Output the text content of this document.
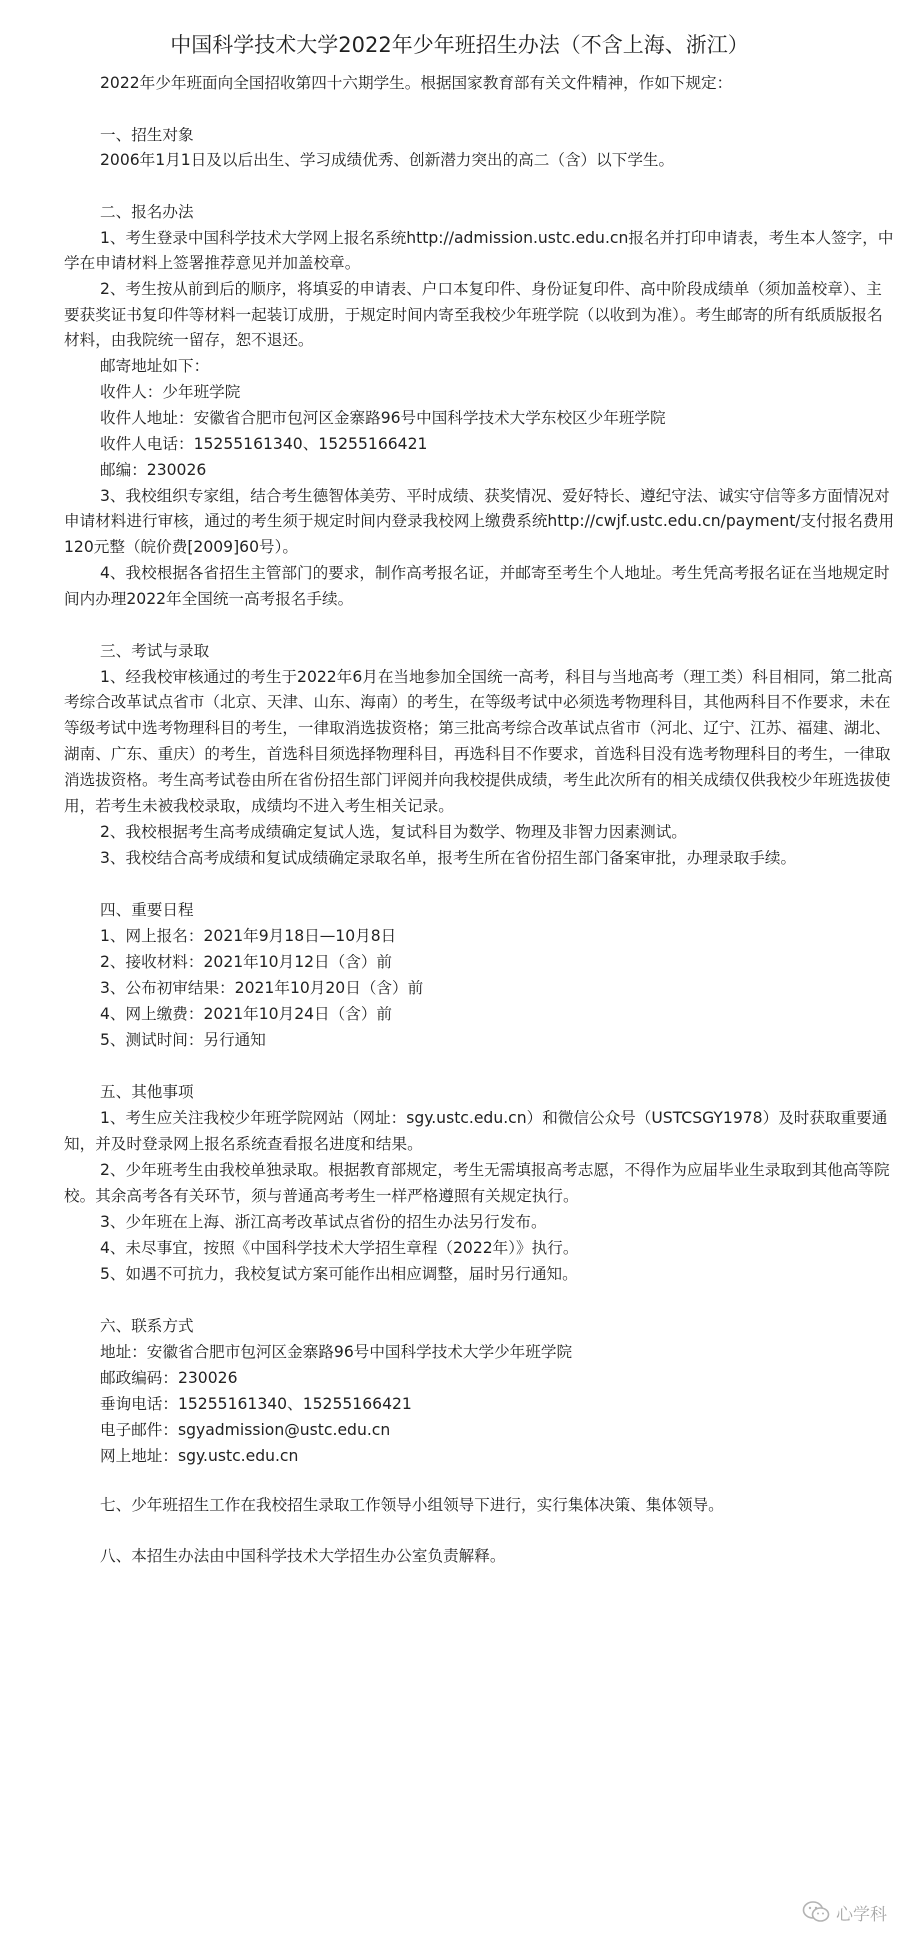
中国科学技术大学2022年少年班招生办法（不含上海、浙江）
2022年少年班面向全国招收第四十六期学生。根据国家教育部有关文件精神，作如下规定：
一、招生对象
2006年1月1日及以后出生、学习成绩优秀、创新潜力突出的高二（含）以下学生。
二、报名办法
1、考生登录中国科学技术大学网上报名系统http://admission.ustc.edu.cn报名并打印申请表，考生本人签字，中
学在申请材料上签署推荐意见并加盖校章。
2、考生按从前到后的顺序，将填妥的申请表、户口本复印件、身份证复印件、高中阶段成绩单（须加盖校章）、主
要获奖证书复印件等材料一起装订成册，于规定时间内寄至我校少年班学院（以收到为准）。考生邮寄的所有纸质版报名
材料，由我院统一留存，恕不退还。
邮寄地址如下：
收件人：少年班学院
收件人地址：安徽省合肥市包河区金寨路96号中国科学技术大学东校区少年班学院
收件人电话：15255161340、15255166421
邮编：230026
3、我校组织专家组，结合考生德智体美劳、平时成绩、获奖情况、爱好特长、遵纪守法、诚实守信等多方面情况对
申请材料进行审核，通过的考生须于规定时间内登录我校网上缴费系统http://cwjf.ustc.edu.cn/payment/支付报名费用
120元整（皖价费[2009]60号）。
4、我校根据各省招生主管部门的要求，制作高考报名证，并邮寄至考生个人地址。考生凭高考报名证在当地规定时
间内办理2022年全国统一高考报名手续。
三、考试与录取
1、经我校审核通过的考生于2022年6月在当地参加全国统一高考，科目与当地高考（理工类）科目相同，第二批高
考综合改革试点省市（北京、天津、山东、海南）的考生，在等级考试中必须选考物理科目，其他两科目不作要求，未在
等级考试中选考物理科目的考生，一律取消选拔资格；第三批高考综合改革试点省市（河北、辽宁、江苏、福建、湖北、
湖南、广东、重庆）的考生，首选科目须选择物理科目，再选科目不作要求，首选科目没有选考物理科目的考生，一律取
消选拔资格。考生高考试卷由所在省份招生部门评阅并向我校提供成绩，考生此次所有的相关成绩仅供我校少年班选拔使
用，若考生未被我校录取，成绩均不进入考生相关记录。
2、我校根据考生高考成绩确定复试人选，复试科目为数学、物理及非智力因素测试。
3、我校结合高考成绩和复试成绩确定录取名单，报考生所在省份招生部门备案审批，办理录取手续。
四、重要日程
1、网上报名：2021年9月18日—10月8日
2、接收材料：2021年10月12日（含）前
3、公布初审结果：2021年10月20日（含）前
4、网上缴费：2021年10月24日（含）前
5、测试时间：另行通知
五、其他事项
1、考生应关注我校少年班学院网站（网址：sgy.ustc.edu.cn）和微信公众号（USTCSGY1978）及时获取重要通
知，并及时登录网上报名系统查看报名进度和结果。
2、少年班考生由我校单独录取。根据教育部规定，考生无需填报高考志愿，不得作为应届毕业生录取到其他高等院
校。其余高考各有关环节，须与普通高考考生一样严格遵照有关规定执行。
3、少年班在上海、浙江高考改革试点省份的招生办法另行发布。
4、未尽事宜，按照《中国科学技术大学招生章程（2022年）》执行。
5、如遇不可抗力，我校复试方案可能作出相应调整，届时另行通知。
六、联系方式
地址：安徽省合肥市包河区金寨路96号中国科学技术大学少年班学院
邮政编码：230026
垂询电话：15255161340、15255166421
电子邮件：sgyadmission@ustc.edu.cn
网上地址：sgy.ustc.edu.cn
七、少年班招生工作在我校招生录取工作领导小组领导下进行，实行集体决策、集体领导。
八、本招生办法由中国科学技术大学招生办公室负责解释。
心学科
